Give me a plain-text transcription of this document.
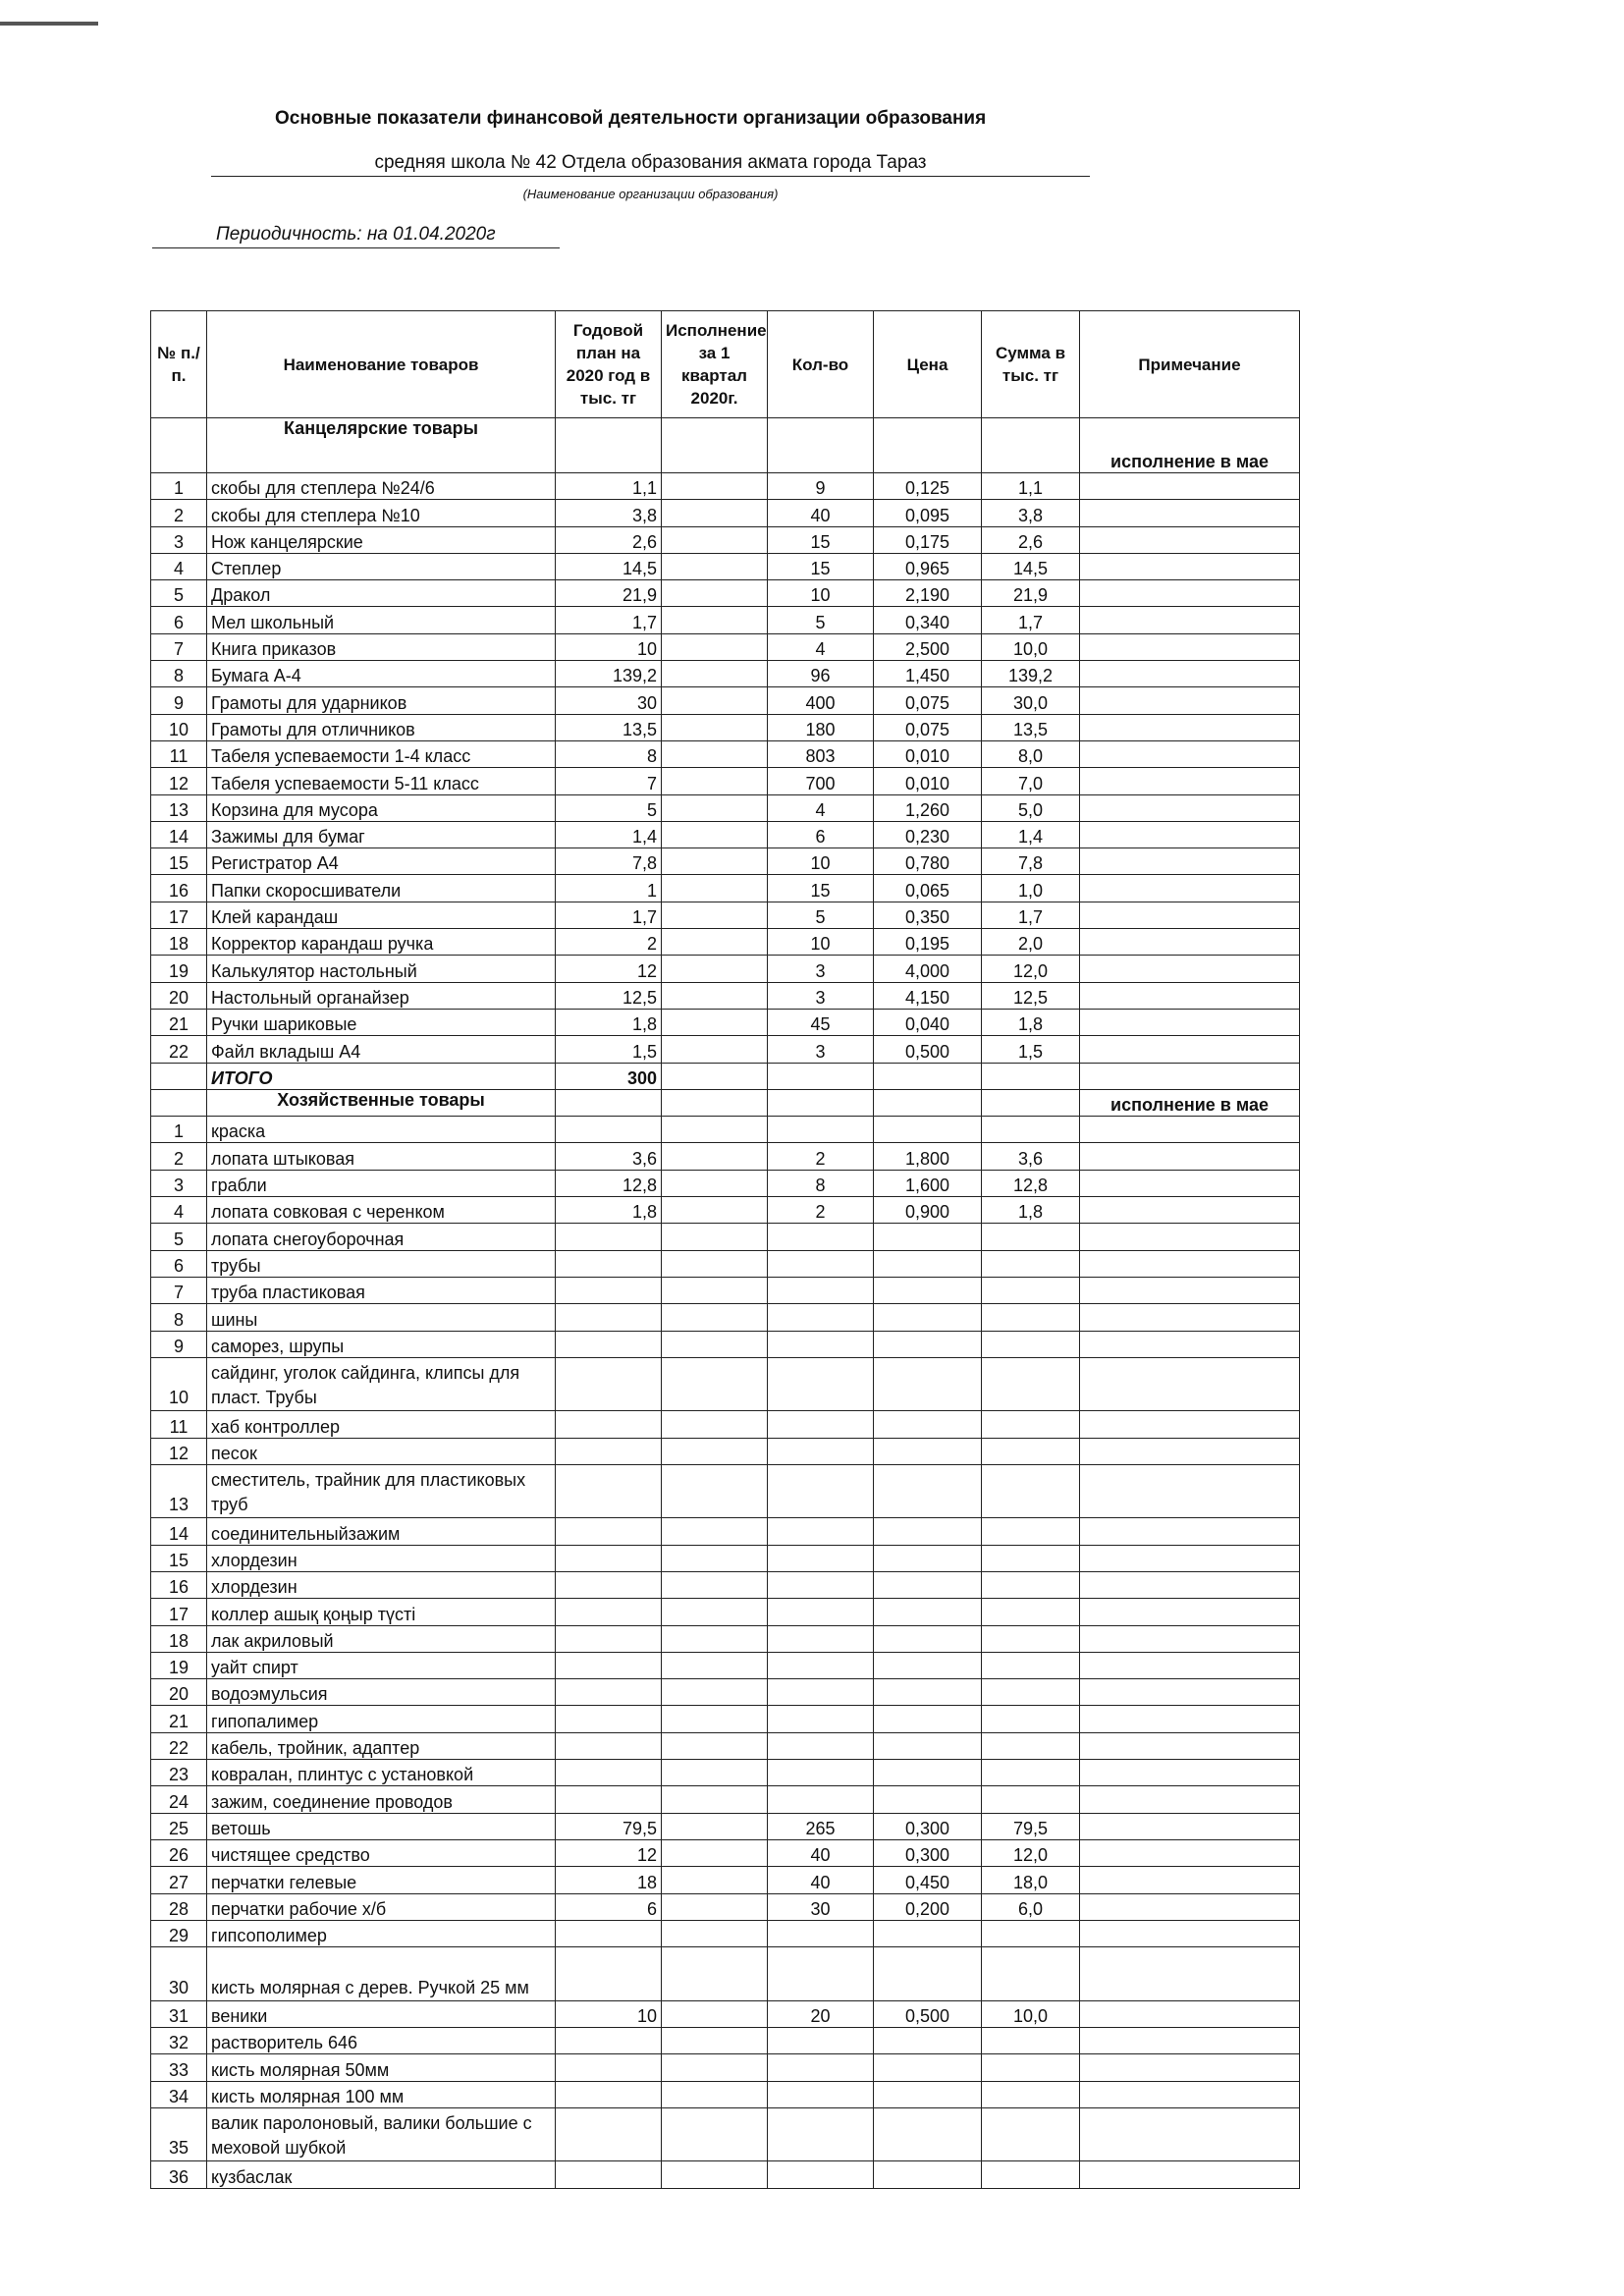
Основные показатели финансовой деятельности организации образования
средняя школа № 42 Отдела образования акмата города Тараз
(Наименование организации образования)
Периодичность: на 01.04.2020г
№ п./п.	Наименование товаров	Годовой план на 2020 год в тыс. тг	Исполнение за 1 квартал 2020г.	Кол-во	Цена	Сумма в тыс. тг	Примечание
	Канцелярские товары						исполнение в мае
1	скобы для степлера №24/6	1,1		9	0,125	1,1	
2	скобы для степлера №10	3,8		40	0,095	3,8	
3	Нож канцелярские	2,6		15	0,175	2,6	
4	Степлер	14,5		15	0,965	14,5	
5	Дракол	21,9		10	2,190	21,9	
6	Мел школьный	1,7		5	0,340	1,7	
7	Книга приказов	10		4	2,500	10,0	
8	Бумага А-4	139,2		96	1,450	139,2	
9	Грамоты для ударников	30		400	0,075	30,0	
10	Грамоты для отличников	13,5		180	0,075	13,5	
11	Табеля успеваемости 1-4 класс	8		803	0,010	8,0	
12	Табеля успеваемости 5-11 класс	7		700	0,010	7,0	
13	Корзина для мусора	5		4	1,260	5,0	
14	Зажимы для бумаг	1,4		6	0,230	1,4	
15	Регистратор А4	7,8		10	0,780	7,8	
16	Папки скоросшиватели	1		15	0,065	1,0	
17	Клей карандаш	1,7		5	0,350	1,7	
18	Корректор карандаш ручка	2		10	0,195	2,0	
19	Калькулятор настольный	12		3	4,000	12,0	
20	Настольный органайзер	12,5		3	4,150	12,5	
21	Ручки шариковые	1,8		45	0,040	1,8	
22	Файл вкладыш А4	1,5		3	0,500	1,5	
	ИТОГО	300					
	Хозяйственные товары						исполнение в мае
1	краска						
2	лопата штыковая	3,6		2	1,800	3,6	
3	грабли	12,8		8	1,600	12,8	
4	лопата совковая с черенком	1,8		2	0,900	1,8	
5	лопата снегоуборочная						
6	трубы						
7	труба пластиковая						
8	шины						
9	саморез, шрупы						
10	сайдинг, уголок сайдинга, клипсы для пласт. Трубы						
11	хаб контроллер						
12	песок						
13	сместитель, трайник для пластиковых труб						
14	соединительныйзажим						
15	хлордезин						
16	хлордезин						
17	коллер ашық қоңыр түсті						
18	лак акриловый						
19	уайт спирт						
20	водоэмульсия						
21	гипопалимер						
22	кабель, тройник, адаптер						
23	ковралан, плинтус с установкой						
24	зажим, соединение проводов						
25	ветошь	79,5		265	0,300	79,5	
26	чистящее средство	12		40	0,300	12,0	
27	перчатки гелевые	18		40	0,450	18,0	
28	перчатки рабочие х/б	6		30	0,200	6,0	
29	гипсополимер						
30	кисть молярная с дерев. Ручкой 25 мм						
31	веники	10		20	0,500	10,0	
32	растворитель 646						
33	кисть молярная 50мм						
34	кисть молярная 100 мм						
35	валик паролоновый, валики большие с меховой шубкой						
36	кузбаслак						
